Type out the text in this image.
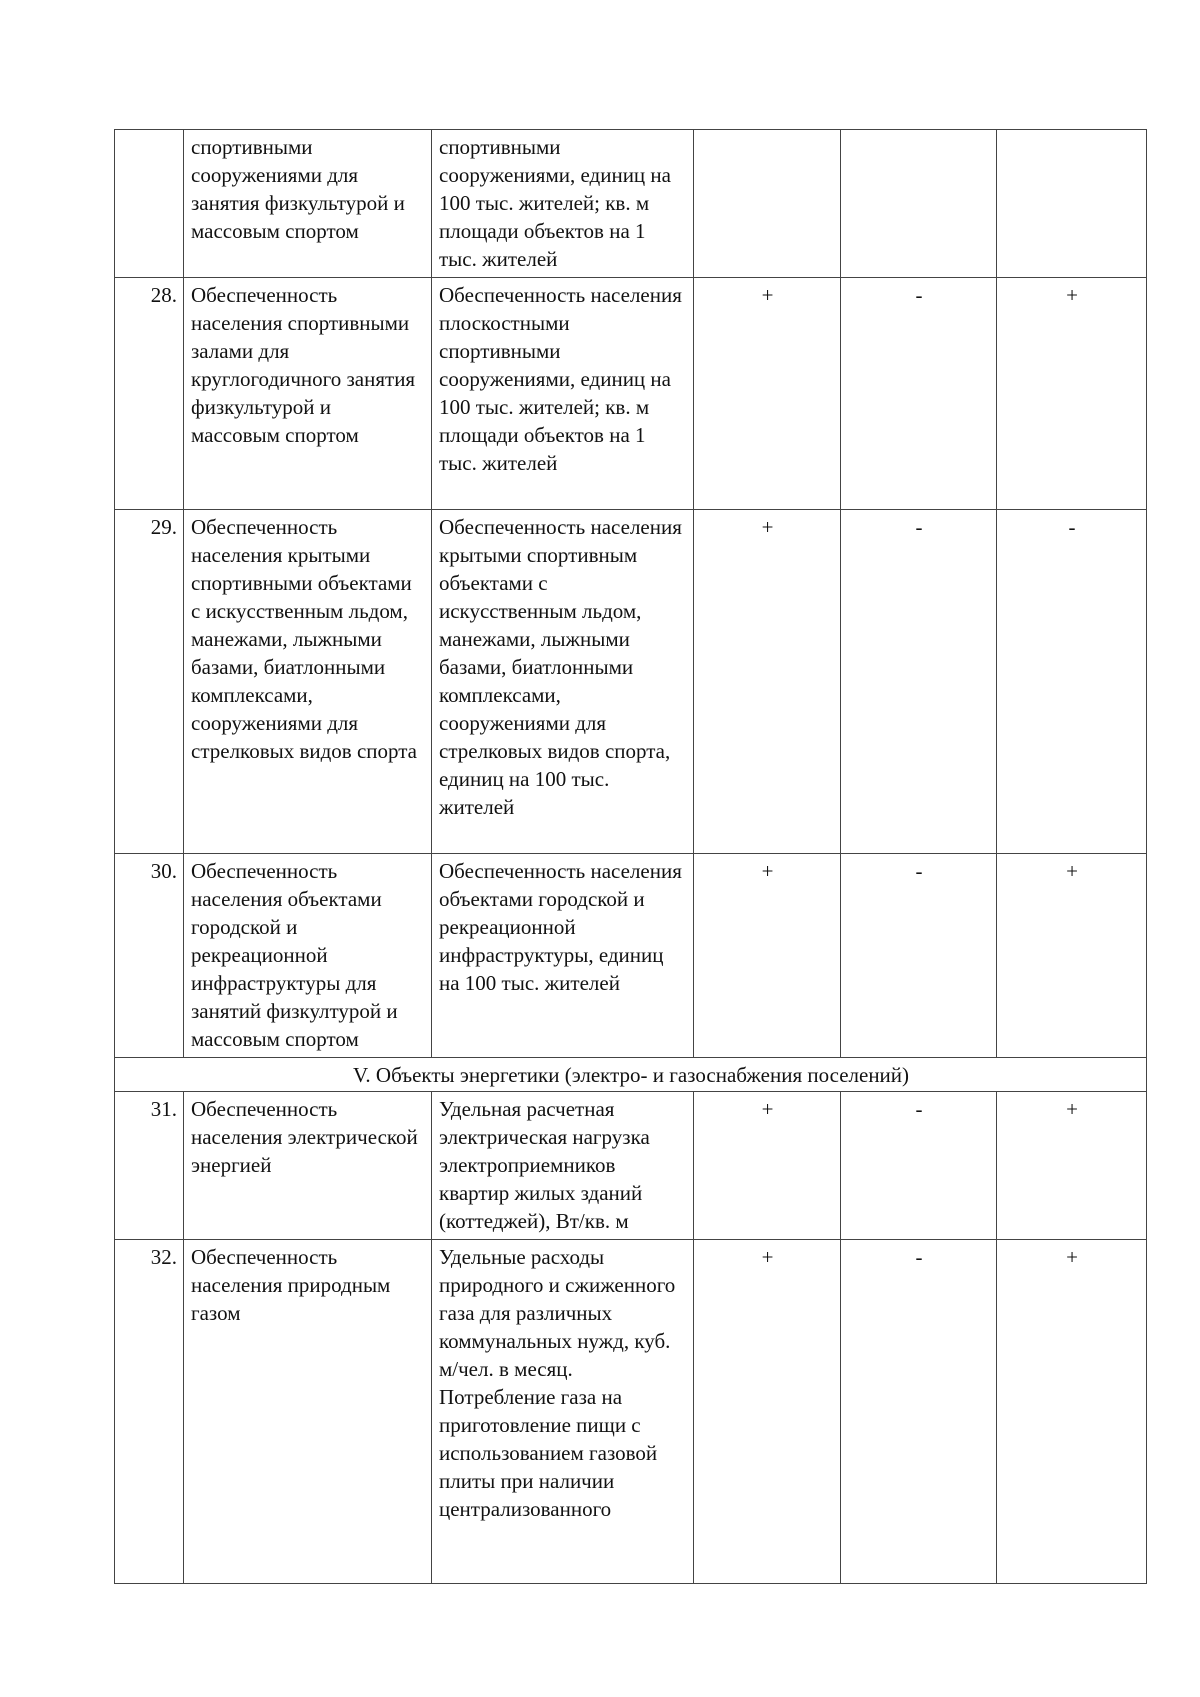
	спортивными сооружениями для занятия физкультурой и массовым спортом	спортивными сооружениями, единиц на 100 тыс. жителей; кв. м площади объектов на 1 тыс. жителей			
28.	Обеспеченность населения спортивными залами для круглогодичного занятия физкультурой и массовым спортом	Обеспеченность населения плоскостными спортивными сооружениями, единиц на 100 тыс. жителей; кв. м площади объектов на 1 тыс. жителей	+	-	+
29.	Обеспеченность населения крытыми спортивными объектами с искусственным льдом, манежами, лыжными базами, биатлонными комплексами, сооружениями для стрелковых видов спорта	Обеспеченность населения крытыми спортивным объектами с искусственным льдом, манежами, лыжными базами, биатлонными комплексами, сооружениями для стрелковых видов спорта, единиц на 100 тыс. жителей	+	-	-
30.	Обеспеченность населения объектами городской и рекреационной инфраструктуры для занятий физкултурой и массовым спортом	Обеспеченность населения объектами городской и рекреационной инфраструктуры, единиц на 100 тыс. жителей	+	-	+
V. Объекты энергетики (электро- и газоснабжения поселений)					
31.	Обеспеченность населения электрической энергией	Удельная расчетная электрическая нагрузка электроприемников квартир жилых зданий (коттеджей), Вт/кв. м	+	-	+
32.	Обеспеченность населения природным газом	Удельные расходы природного и сжиженного газа для различных коммунальных нужд, куб. м/чел. в месяц. Потребление газа на приготовление пищи с использованием газовой плиты при наличии централизованного	+	-	+
